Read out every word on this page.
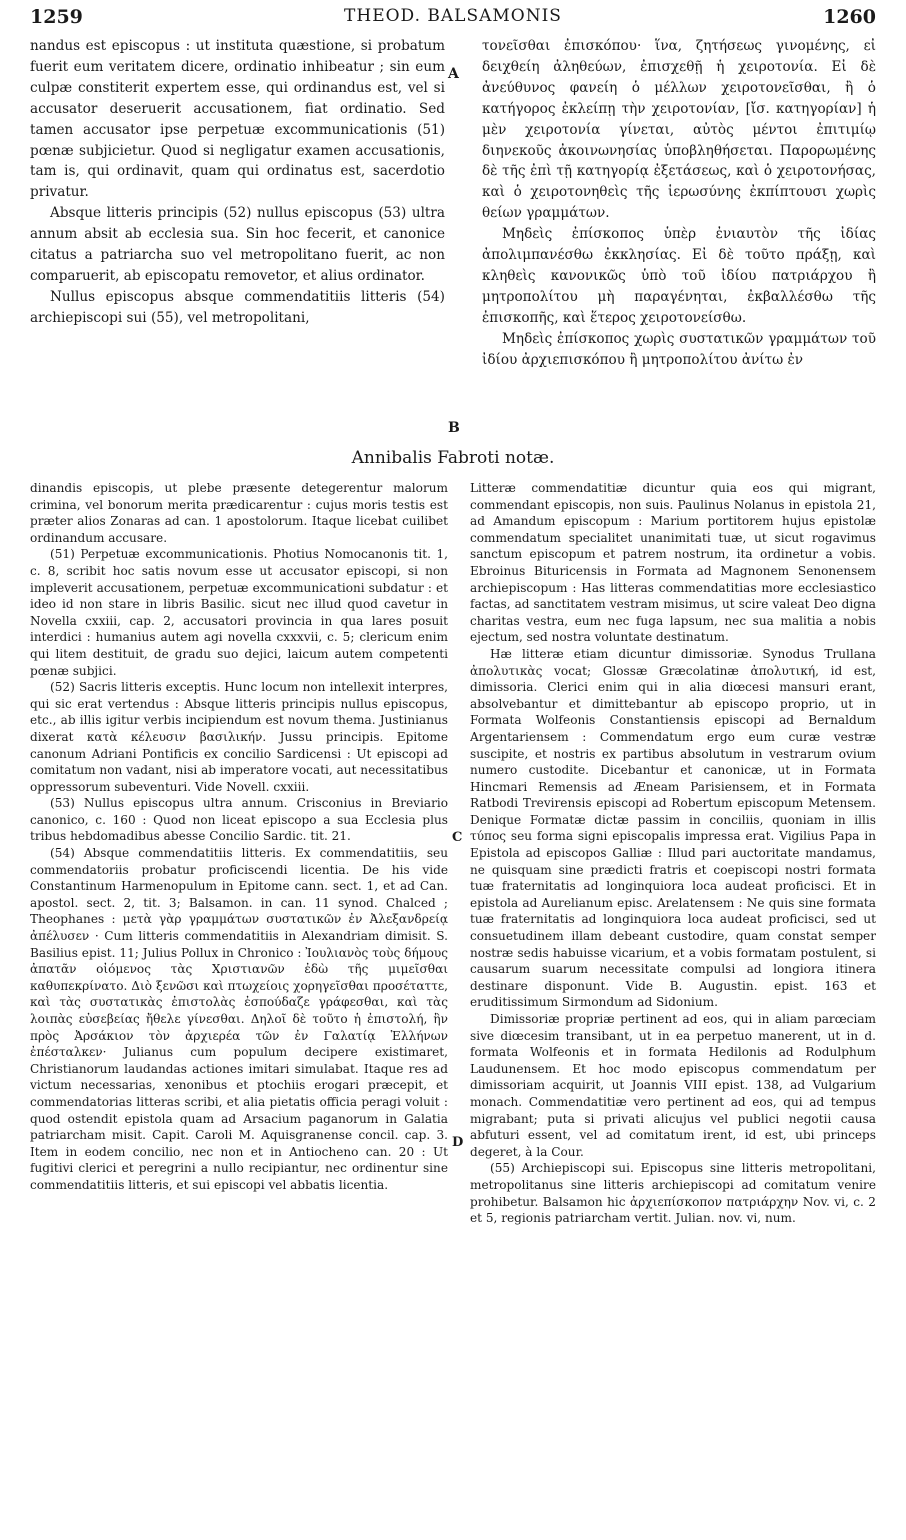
1259	THEOD. BALSAMONIS	1260

nandus est episcopus : ut instituta quæstione, si probatum fuerit eum veritatem dicere, ordinatio inhibeatur ; sin eum culpæ constiterit expertem esse, qui ordinandus est, vel si accusator deseruerit accusationem, fiat ordinatio. Sed tamen accusator ipse perpetuæ excommunicationis (51) pœnæ subjicietur. Quod si negligatur examen accusationis, tam is, qui ordinavit, quam qui ordinatus est, sacerdotio privatur.

Absque litteris principis (52) nullus episcopus (53) ultra annum absit ab ecclesia sua. Sin hoc fecerit, et canonice citatus a patriarcha suo vel metropolitano fuerit, ac non comparuerit, ab episcopatu removetor, et alius ordinator.

Nullus episcopus absque commendatitiis litteris (54) archiepiscopi sui (55), vel metropolitani,

A
B

τονεῖσθαι ἐπισκόπου· ἵνα, ζητήσεως γινομένης, εἰ δειχθείη ἀληθεύων, ἐπισχεθῇ ἡ χειροτονία. Εἰ δὲ ἀνεύθυνος φανείη ὁ μέλλων χειροτονεῖσθαι, ἢ ὁ κατήγορος ἐκλείπῃ τὴν χειροτονίαν, [ἴσ. κατηγορίαν] ἡ μὲν χειροτονία γίνεται, αὐτὸς μέντοι ἐπιτιμίῳ διηνεκοῦς ἀκοινωνησίας ὑποβληθήσεται. Παρορωμένης δὲ τῆς ἐπὶ τῇ κατηγορίᾳ ἐξετάσεως, καὶ ὁ χειροτονήσας, καὶ ὁ χειροτονηθεὶς τῆς ἱερωσύνης ἐκπίπτουσι χωρὶς θείων γραμμάτων.

Μηδεὶς ἐπίσκοπος ὑπὲρ ἐνιαυτὸν τῆς ἰδίας ἀπολιμπανέσθω ἐκκλησίας. Εἰ δὲ τοῦτο πράξῃ, καὶ κληθεὶς κανονικῶς ὑπὸ τοῦ ἰδίου πατριάρχου ἢ μητροπολίτου μὴ παραγένηται, ἐκβαλλέσθω τῆς ἐπισκοπῆς, καὶ ἕτερος χειροτονείσθω.

Μηδεὶς ἐπίσκοπος χωρὶς συστατικῶν γραμμάτων τοῦ ἰδίου ἀρχιεπισκόπου ἢ μητροπολίτου ἀνίτω ἐν

Annibalis Fabroti notæ.

dinandis episcopis, ut plebe præsente detegerentur malorum crimina, vel bonorum merita prædicarentur : cujus moris testis est præter alios Zonaras ad can. 1 apostolorum. Itaque licebat cuilibet ordinandum accusare.

(51) Perpetuæ excommunicationis. Photius Nomocanonis tit. 1, c. 8, scribit hoc satis novum esse ut accusator episcopi, si non impleverit accusationem, perpetuæ excommunicationi subdatur : et ideo id non stare in libris Basilic. sicut nec illud quod cavetur in Novella cxxiii, cap. 2, accusatori provincia in qua lares posuit interdici : humanius autem agi novella cxxxvii, c. 5; clericum enim qui litem destituit, de gradu suo dejici, laicum autem competenti pœnæ subjici.

(52) Sacris litteris exceptis. Hunc locum non intellexit interpres, qui sic erat vertendus : Absque litteris principis nullus episcopus, etc., ab illis igitur verbis incipiendum est novum thema. Justinianus dixerat κατὰ κέλευσιν βασιλικήν. Jussu principis. Epitome canonum Adriani Pontificis ex concilio Sardicensi : Ut episcopi ad comitatum non vadant, nisi ab imperatore vocati, aut necessitatibus oppressorum subeventuri. Vide Novell. cxxiii.

(53) Nullus episcopus ultra annum. Crisconius in Breviario canonico, c. 160 : Quod non liceat episcopo a sua Ecclesia plus tribus hebdomadibus abesse Concilio Sardic. tit. 21.

(54) Absque commendatitiis litteris. Ex commendatitiis, seu commendatoriis probatur proficiscendi licentia. De his vide Constantinum Harmenopulum in Epitome cann. sect. 1, et ad Can. apostol. sect. 2, tit. 3; Balsamon. in can. 11 synod. Chalced ; Theophanes : μετὰ γὰρ γραμμάτων συστατικῶν ἐν Ἀλεξανδρείᾳ ἀπέλυσεν · Cum litteris commendatitiis in Alexandriam dimisit. S. Basilius epist. 11; Julius Pollux in Chronico : Ἰουλιανὸς τοὺς δήμους ἀπατᾶν οἰόμενος τὰς Χριστιανῶν ἐδὼ τῆς μιμεῖσθαι καθυπεκρίνατο. Διὸ ξενῶσι καὶ πτωχείοις χορηγεῖσθαι προσέταττε, καὶ τὰς συστατικὰς ἐπιστολὰς ἐσπούδαζε γράφεσθαι, καὶ τὰς λοιπὰς εὐσεβείας ἤθελε γίνεσθαι. Δηλοῖ δὲ τοῦτο ἡ ἐπιστολή, ἣν πρὸς Ἀρσάκιον τὸν ἀρχιερέα τῶν ἐν Γαλατίᾳ Ἑλλήνων ἐπέσταλκεν· Julianus cum populum decipere existimaret, Christianorum laudandas actiones imitari simulabat. Itaque res ad victum necessarias, xenonibus et ptochiis erogari præcepit, et commendatorias litteras scribi, et alia pietatis officia peragi voluit : quod ostendit epistola quam ad Arsacium paganorum in Galatia patriarcham misit. Capit. Caroli M. Aquisgranense concil. cap. 3. Item in eodem concilio, nec non et in Antiocheno can. 20 : Ut fugitivi clerici et peregrini a nullo recipiantur, nec ordinentur sine commendatitiis litteris, et sui episcopi vel abbatis licentia.

C
D

Litteræ commendatitiæ dicuntur quia eos qui migrant, commendant episcopis, non suis. Paulinus Nolanus in epistola 21, ad Amandum episcopum : Marium portitorem hujus epistolæ commendatum specialitet unanimitati tuæ, ut sicut rogavimus sanctum episcopum et patrem nostrum, ita ordinetur a vobis. Ebroinus Bituricensis in Formata ad Magnonem Senonensem archiepiscopum : Has litteras commendatitias more ecclesiastico factas, ad sanctitatem vestram misimus, ut scire valeat Deo digna charitas vestra, eum nec fuga lapsum, nec sua malitia a nobis ejectum, sed nostra voluntate destinatum.

Hæ litteræ etiam dicuntur dimissoriæ. Synodus Trullana ἀπολυτικὰς vocat; Glossæ Græcolatinæ ἀπολυτική, id est, dimissoria. Clerici enim qui in alia diœcesi mansuri erant, absolvebantur et dimittebantur ab episcopo proprio, ut in Formata Wolfeonis Constantiensis episcopi ad Bernaldum Argentariensem : Commendatum ergo eum curæ vestræ suscipite, et nostris ex partibus absolutum in vestrarum ovium numero custodite. Dicebantur et canonicæ, ut in Formata Hincmari Remensis ad Æneam Parisiensem, et in Formata Ratbodi Trevirensis episcopi ad Robertum episcopum Metensem. Denique Formatæ dictæ passim in conciliis, quoniam in illis τύπος seu forma signi episcopalis impressa erat. Vigilius Papa in Epistola ad episcopos Galliæ : Illud pari auctoritate mandamus, ne quisquam sine prædicti fratris et coepiscopi nostri formata tuæ fraternitatis ad longinquiora loca audeat proficisci. Et in epistola ad Aurelianum episc. Arelatensem : Ne quis sine formata tuæ fraternitatis ad longinquiora loca audeat proficisci, sed ut consuetudinem illam debeant custodire, quam constat semper nostræ sedis habuisse vicarium, et a vobis formatam postulent, si causarum suarum necessitate compulsi ad longiora itinera destinare disponunt. Vide B. Augustin. epist. 163 et eruditissimum Sirmondum ad Sidonium.

Dimissoriæ propriæ pertinent ad eos, qui in aliam parœciam sive diœcesim transibant, ut in ea perpetuo manerent, ut in d. formata Wolfeonis et in formata Hedilonis ad Rodulphum Laudunensem. Et hoc modo episcopus commendatum per dimissoriam acquirit, ut Joannis VIII epist. 138, ad Vulgarium monach. Commendatitiæ vero pertinent ad eos, qui ad tempus migrabant; puta si privati alicujus vel publici negotii causa abfuturi essent, vel ad comitatum irent, id est, ubi princeps degeret, à la Cour.

(55) Archiepiscopi sui. Episcopus sine litteris metropolitani, metropolitanus sine litteris archiepiscopi ad comitatum venire prohibetur. Balsamon hic ἀρχιεπίσκοπον πατριάρχην Nov. vi, c. 2 et 5, regionis patriarcham vertit. Julian. nov. vi, num.
